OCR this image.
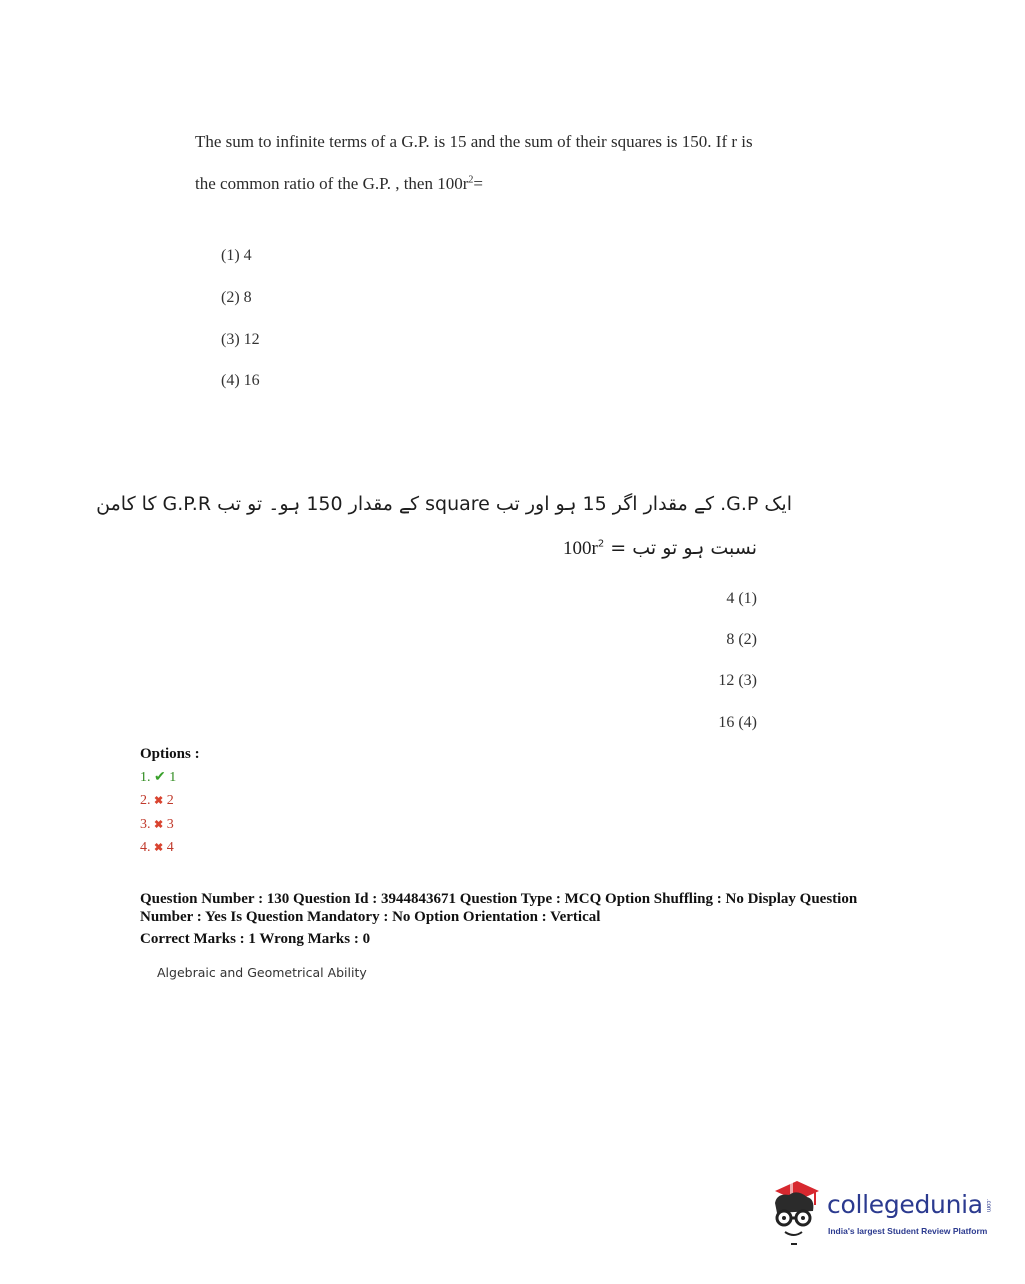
The sum to infinite terms of a G.P. is 15 and the sum of their squares is 150. If r is
the common ratio of the G.P. , then $100r^2=$
(1) 4
(2) 8
(3) 12
(4) 16
ایک G.P. کے مقدار اگر 15 ہو اور تب square کے مقدار 150 ہو۔ تو تب G.P.R کا کامن
نسبت ہو تو تب = $100r^2$
4 (1)
8 (2)
12 (3)
16 (4)
Options :
1. ✔ 1
2. ✖ 2
3. ✖ 3
4. ✖ 4
Question Number : 130 Question Id : 3944843671 Question Type : MCQ Option Shuffling : No Display Question
Number : Yes Is Question Mandatory : No Option Orientation : Vertical
Correct Marks : 1 Wrong Marks : 0
Algebraic and Geometrical Ability
collegedunia .com
India's largest Student Review Platform
